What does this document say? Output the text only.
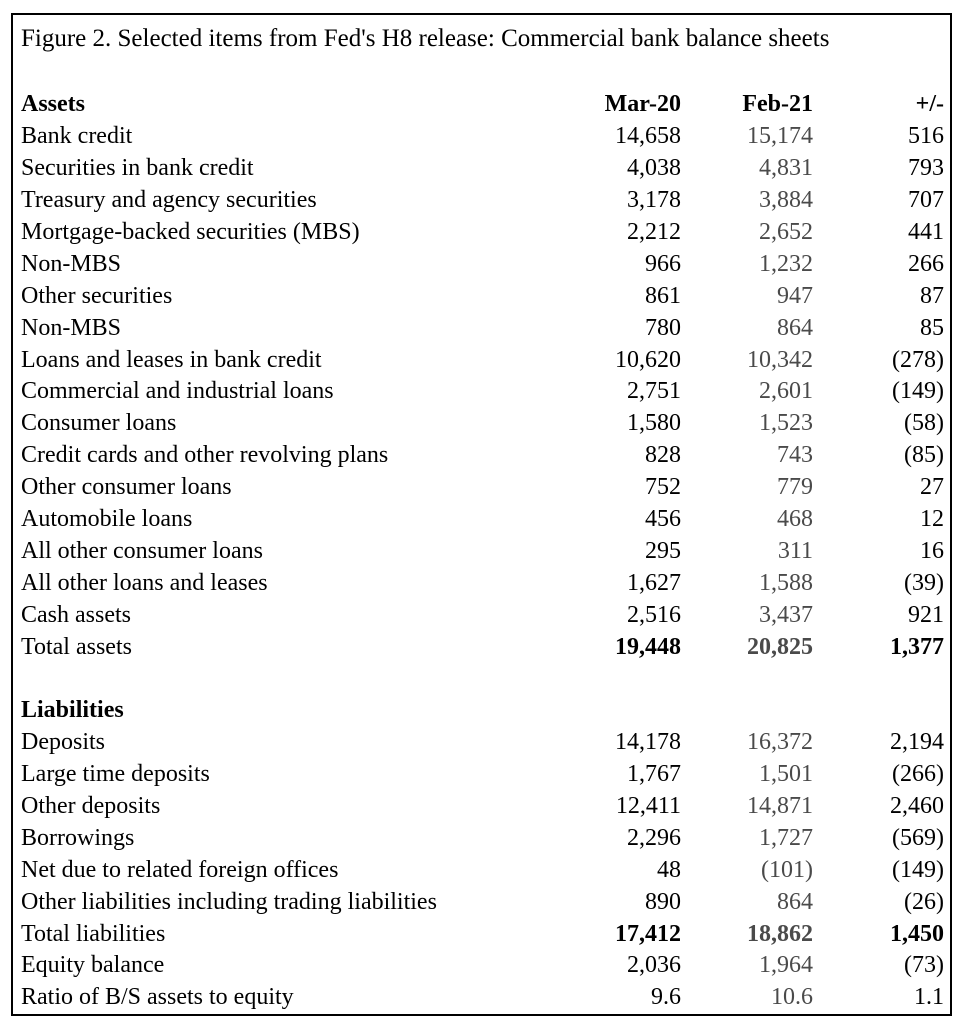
Figure 2. Selected items from Fed's H8 release: Commercial bank balance sheets
Assets	Mar-20	Feb-21	+/-
Bank credit	14,658	15,174	516
Securities in bank credit	4,038	4,831	793
Treasury and agency securities	3,178	3,884	707
Mortgage-backed securities (MBS)	2,212	2,652	441
Non-MBS	966	1,232	266
Other securities	861	947	87
Non-MBS	780	864	85
Loans and leases in bank credit	10,620	10,342	(278)
Commercial and industrial loans	2,751	2,601	(149)
Consumer loans	1,580	1,523	(58)
Credit cards and other revolving plans	828	743	(85)
Other consumer loans	752	779	27
Automobile loans	456	468	12
All other consumer loans	295	311	16
All other loans and leases	1,627	1,588	(39)
Cash assets	2,516	3,437	921
Total assets	19,448	20,825	1,377
Liabilities
Deposits	14,178	16,372	2,194
Large time deposits	1,767	1,501	(266)
Other deposits	12,411	14,871	2,460
Borrowings	2,296	1,727	(569)
Net due to related foreign offices	48	(101)	(149)
Other liabilities including trading liabilities	890	864	(26)
Total liabilities	17,412	18,862	1,450
Equity balance	2,036	1,964	(73)
Ratio of B/S assets to equity	9.6	10.6	1.1
